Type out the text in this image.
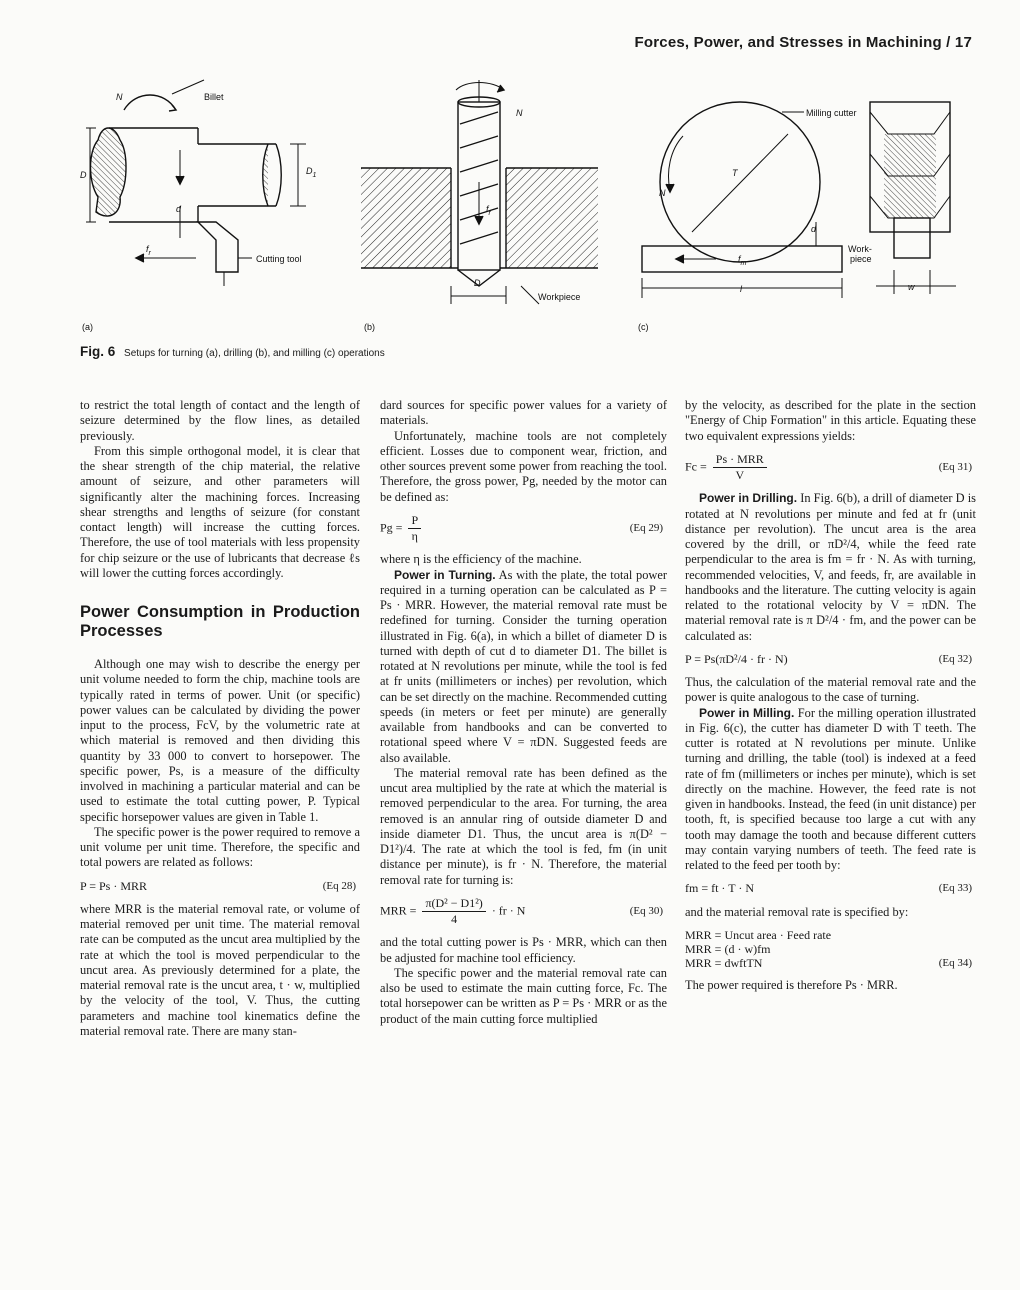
Forces, Power, and Stresses in Machining / 17
N	Billet
D	$D_1$
d
$f_r$
Cutting tool
N
$f_r$
D
Workpiece
Milling cutter
T
N
d
$f_m$
l
Work-
piece
w
(a)	(b)	(c)
Fig. 6 Setups for turning (a), drilling (b), and milling (c) operations

to restrict the total length of contact and the length of seizure determined by the flow lines, as detailed previously.

From this simple orthogonal model, it is clear that the shear strength of the chip material, the relative amount of seizure, and other parameters will significantly alter the machining forces. Increasing shear strengths and lengths of seizure (for constant contact length) will increase the cutting forces. Therefore, the use of tool materials with less propensity for chip seizure or the use of lubricants that decrease ℓs will lower the cutting forces accordingly.

Power Consumption in Production Processes

Although one may wish to describe the energy per unit volume needed to form the chip, machine tools are typically rated in terms of power. Unit (or specific) power values can be calculated by dividing the power input to the process, FcV, by the volumetric rate at which material is removed and then dividing this quantity by 33 000 to convert to horsepower. The specific power, Ps, is a measure of the difficulty involved in machining a particular material and can be used to estimate the total cutting power, P. Typical specific horsepower values are given in Table 1.

The specific power is the power required to remove a unit volume per unit time. Therefore, the specific and total powers are related as follows:

P = Ps · MRR	(Eq 28)

where MRR is the material removal rate, or volume of material removed per unit time. The material removal rate can be computed as the uncut area multiplied by the rate at which the tool is moved perpendicular to the uncut area. As previously determined for a plate, the material removal rate is the uncut area, t · w, multiplied by the velocity of the tool, V. Thus, the cutting parameters and machine tool kinematics define the material removal rate. There are many stan-

dard sources for specific power values for a variety of materials.

Unfortunately, machine tools are not completely efficient. Losses due to component wear, friction, and other sources prevent some power from reaching the tool. Therefore, the gross power, Pg, needed by the motor can be defined as:

$Pg = \frac{P}{\eta}$	(Eq 29)

where η is the efficiency of the machine.

Power in Turning. As with the plate, the total power required in a turning operation can be calculated as P = Ps · MRR. However, the material removal rate must be redefined for turning. Consider the turning operation illustrated in Fig. 6(a), in which a billet of diameter D is turned with depth of cut d to diameter D1. The billet is rotated at N revolutions per minute, while the tool is fed at fr units (millimeters or inches) per revolution, which can be set directly on the machine. Recommended cutting speeds (in meters or feet per minute) are generally available from handbooks and can be converted to rotational speed where V = πDN. Suggested feeds are also available.

The material removal rate has been defined as the uncut area multiplied by the rate at which the material is removed perpendicular to the area. For turning, the area removed is an annular ring of outside diameter D and inside diameter D1. Thus, the uncut area is π(D² − D1²)/4. The rate at which the tool is fed, fm (in unit distance per minute), is fr · N. Therefore, the material removal rate for turning is:

MRR = $\frac{\text{π(D² − D1²)}}{4}$ · fr · N	(Eq 30)

and the total cutting power is Ps · MRR, which can then be adjusted for machine tool efficiency.

The specific power and the material removal rate can also be used to estimate the main cutting force, Fc. The total horsepower can be written as P = Ps · MRR or as the product of the main cutting force multiplied

by the velocity, as described for the plate in the section "Energy of Chip Formation" in this article. Equating these two equivalent expressions yields:

$Fc = \frac{\text{Ps · MRR}}{V}$	(Eq 31)

Power in Drilling. In Fig. 6(b), a drill of diameter D is rotated at N revolutions per minute and fed at fr (unit distance per revolution). The uncut area is the area covered by the drill, or πD²/4, while the feed rate perpendicular to the area is fm = fr · N. As with turning, recommended velocities, V, and feeds, fr, are available in handbooks and the literature. The cutting velocity is again related to the rotational velocity by V = πDN. The material removal rate is π D²/4 · fm, and the power can be calculated as:

P = Ps(πD²/4 · fr · N)	(Eq 32)

Thus, the calculation of the material removal rate and the power is quite analogous to the case of turning.

Power in Milling. For the milling operation illustrated in Fig. 6(c), the cutter has diameter D with T teeth. The cutter is rotated at N revolutions per minute. Unlike turning and drilling, the table (tool) is indexed at a feed rate of fm (millimeters or inches per minute), which is set directly on the machine. However, the feed rate is not given in handbooks. Instead, the feed (in unit distance) per tooth, ft, is specified because too large a cut with any tooth may damage the tooth and because different cutters may contain varying numbers of teeth. The feed rate is related to the feed per tooth by:

fm = ft · T · N	(Eq 33)

and the material removal rate is specified by:

MRR = Uncut area · Feed rate
MRR = (d · w)fm
MRR = dwftTN	(Eq 34)

The power required is therefore Ps · MRR.
